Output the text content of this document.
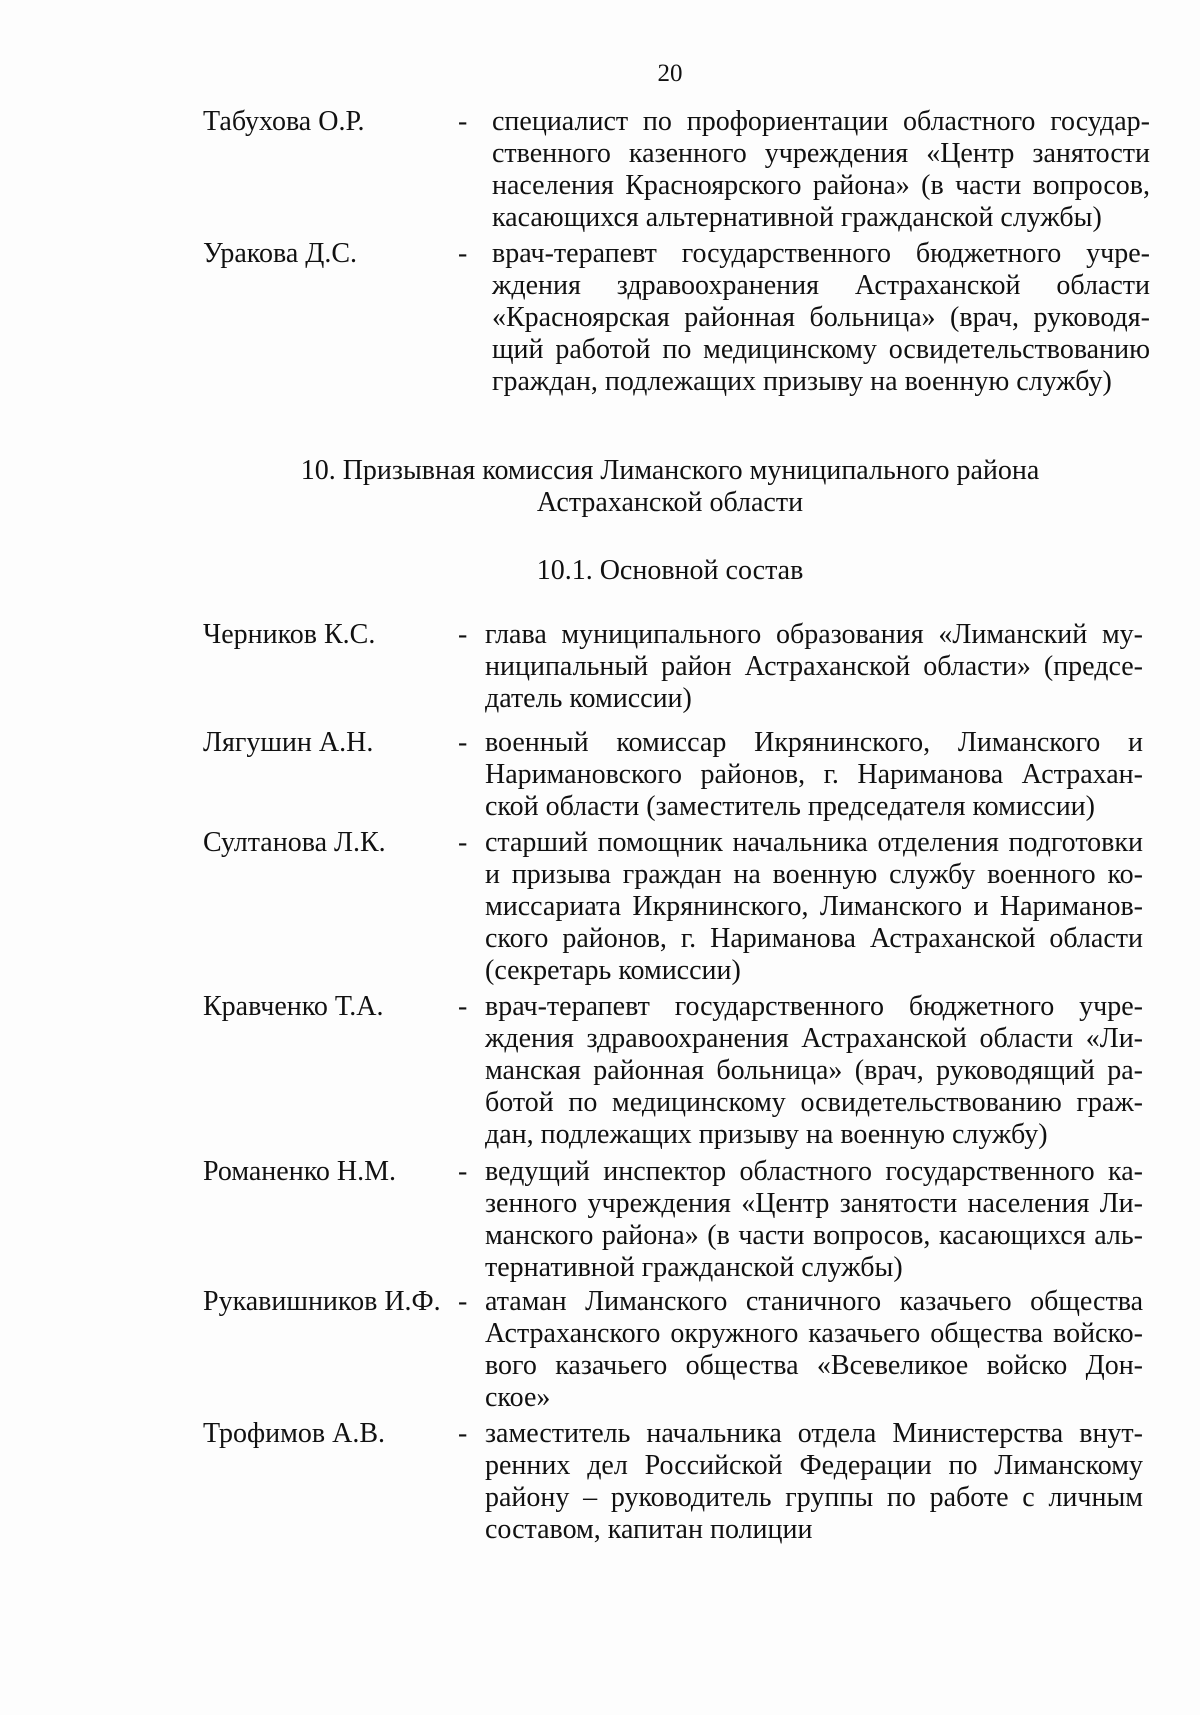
20
Табухова О.Р.	- специалист по профориентации областного государ-
ственного казенного учреждения «Центр занятости
населения Красноярского района» (в части вопросов,
касающихся альтернативной гражданской службы)
Уракова Д.С.	- врач-терапевт государственного бюджетного учре-
ждения здравоохранения Астраханской области
«Красноярская районная больница» (врач, руководя-
щий работой по медицинскому освидетельствованию
граждан, подлежащих призыву на военную службу)
10. Призывная комиссия Лиманского муниципального района
Астраханской области
10.1. Основной состав
Черников К.С.	- глава муниципального образования «Лиманский му-
ниципальный район Астраханской области» (предсе-
датель комиссии)
Лягушин А.Н.	- военный комиссар Икрянинского, Лиманского и
Наримановского районов, г. Нариманова Астрахан-
ской области (заместитель председателя комиссии)
Султанова Л.К.	- старший помощник начальника отделения подготовки
и призыва граждан на военную службу военного ко-
миссариата Икрянинского, Лиманского и Нариманов-
ского районов, г. Нариманова Астраханской области
(секретарь комиссии)
Кравченко Т.А.	- врач-терапевт государственного бюджетного учре-
ждения здравоохранения Астраханской области «Ли-
манская районная больница» (врач, руководящий ра-
ботой по медицинскому освидетельствованию граж-
дан, подлежащих призыву на военную службу)
Романенко Н.М. - ведущий инспектор областного государственного ка-
зенного учреждения «Центр занятости населения Ли-
манского района» (в части вопросов, касающихся аль-
тернативной гражданской службы)
Рукавишников И.Ф. - атаман Лиманского станичного казачьего общества
Астраханского окружного казачьего общества войско-
вого казачьего общества «Всевеликое войско Дон-
ское»
Трофимов А.В.	- заместитель начальника отдела Министерства внут-
ренних дел Российской Федерации по Лиманскому
району – руководитель группы по работе с личным
составом, капитан полиции
